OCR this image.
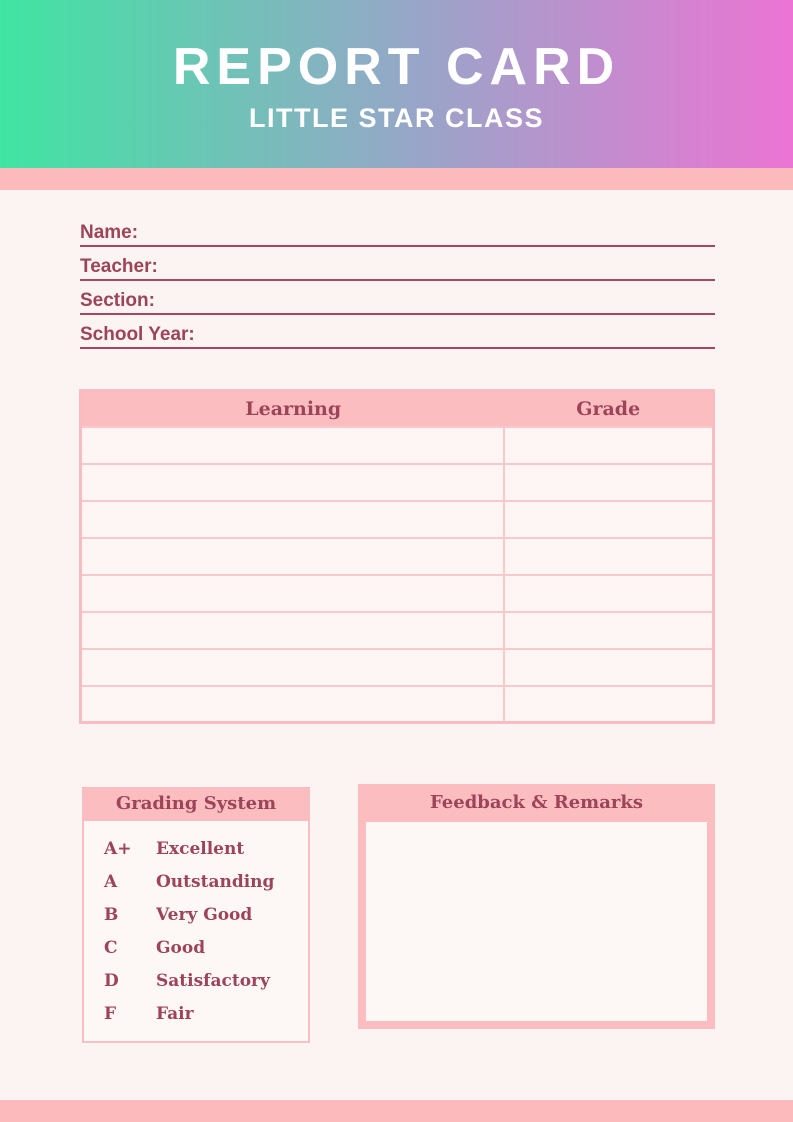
REPORT CARD
LITTLE STAR CLASS
Name:
Teacher:
Section:
School Year:
Learning	Grade

Grading System
A+	Excellent
A	Outstanding
B	Very Good
C	Good
D	Satisfactory
F	Fair
Feedback & Remarks
